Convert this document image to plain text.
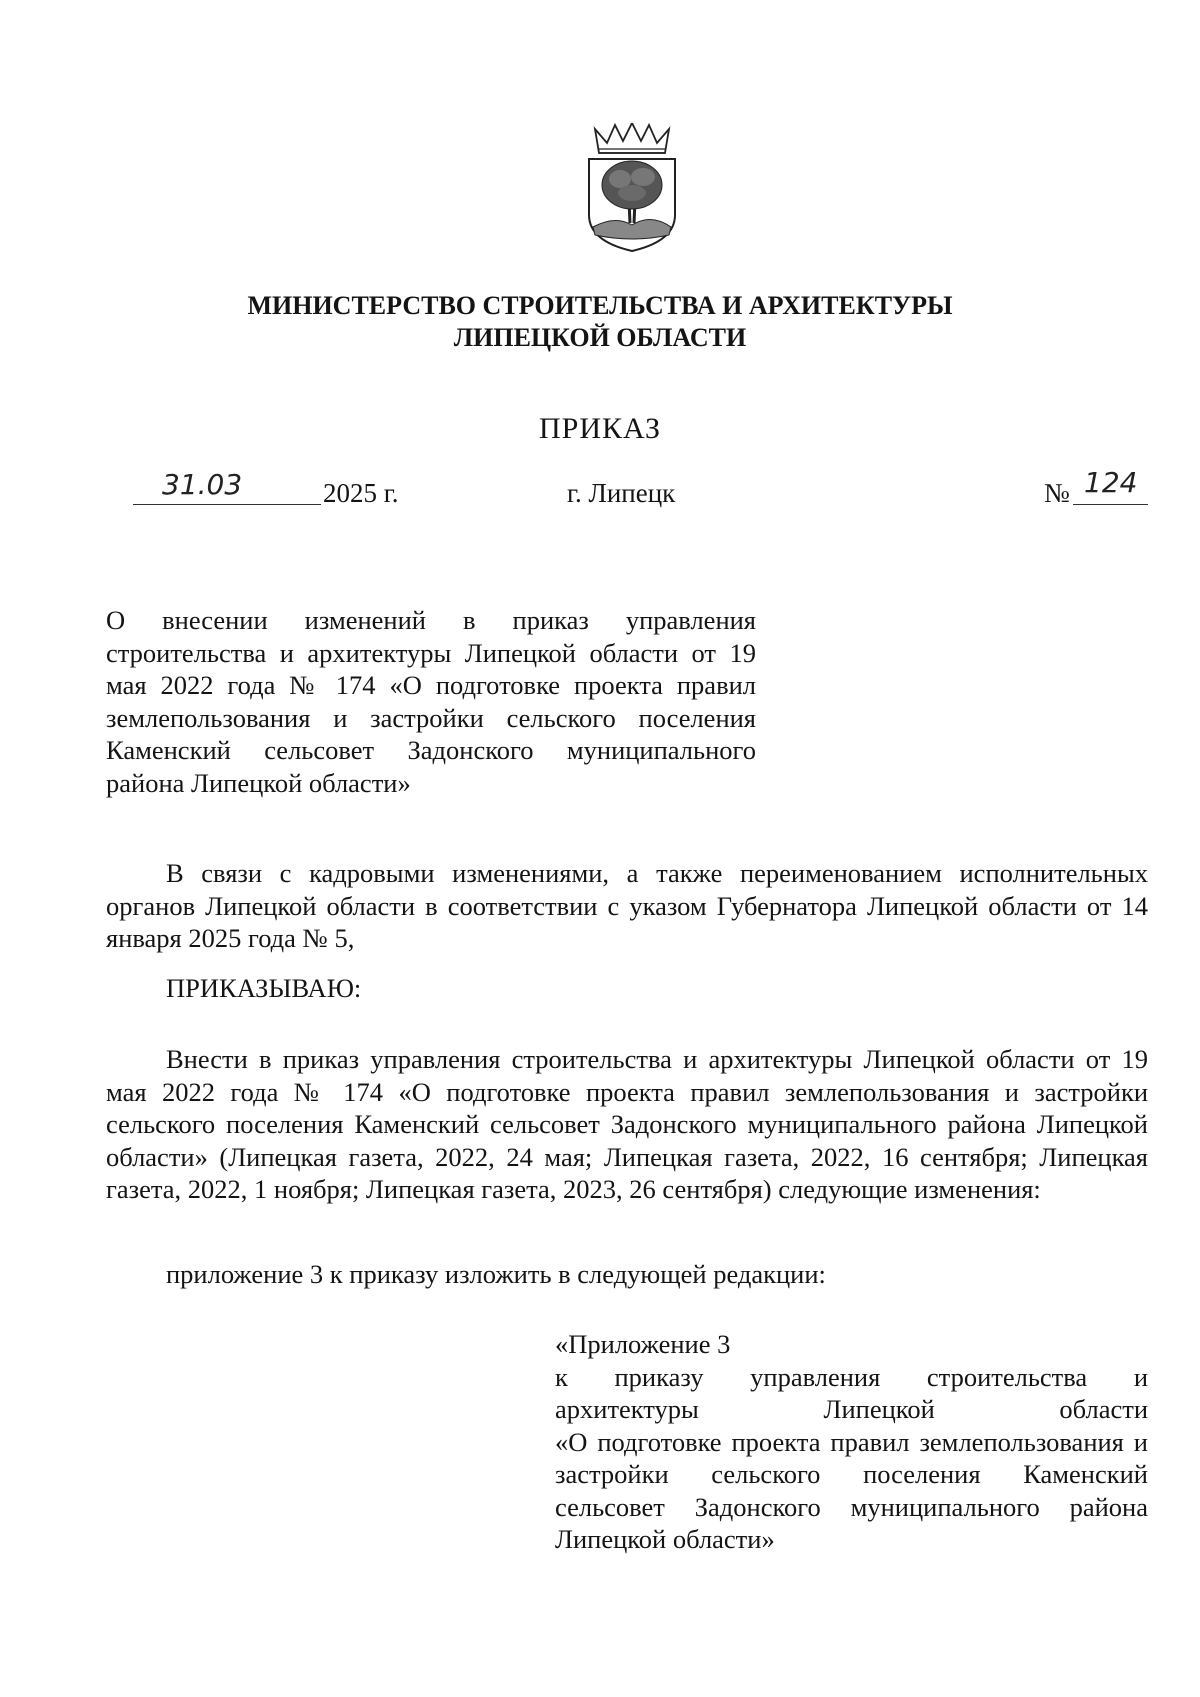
МИНИСТЕРСТВО СТРОИТЕЛЬСТВА И АРХИТЕКТУРЫ
ЛИПЕЦКОЙ ОБЛАСТИ
ПРИКАЗ
31.03	2025 г.	г. Липецк	№ 124
О внесении изменений в приказ управления строительства и архитектуры Липецкой области от 19 мая 2022 года № 174 «О подготовке проекта правил землепользования и застройки сельского поселения Каменский сельсовет Задонского муниципального района Липецкой области»

В связи с кадровыми изменениями, а также переименованием исполнительных органов Липецкой области в соответствии с указом Губернатора Липецкой области от 14 января 2025 года № 5,

ПРИКАЗЫВАЮ:

Внести в приказ управления строительства и архитектуры Липецкой области от 19 мая 2022 года № 174 «О подготовке проекта правил землепользования и застройки сельского поселения Каменский сельсовет Задонского муниципального района Липецкой области» (Липецкая газета, 2022, 24 мая; Липецкая газета, 2022, 16 сентября; Липецкая газета, 2022, 1 ноября; Липецкая газета, 2023, 26 сентября) следующие изменения:

приложение 3 к приказу изложить в следующей редакции:

«Приложение 3

к приказу управления строительства и

архитектуры Липецкой области

«О подготовке проекта правил землепользования и застройки сельского поселения Каменский сельсовет Задонского муниципального района Липецкой области»
